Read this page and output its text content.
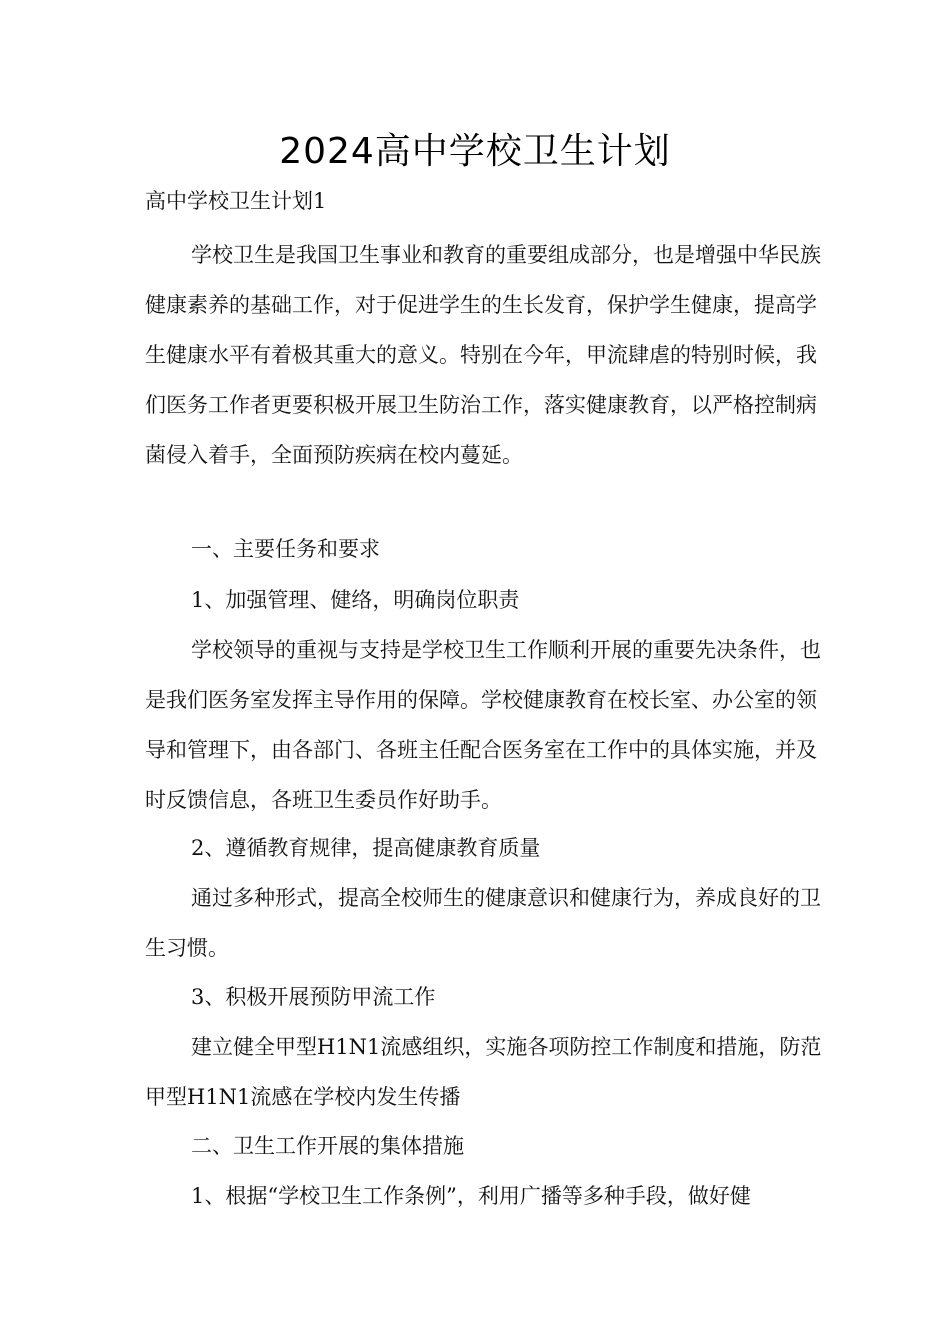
2024高中学校卫生计划
高中学校卫生计划1

学校卫生是我国卫生事业和教育的重要组成部分，也是增强中华民族健康素养的基础工作，对于促进学生的生长发育，保护学生健康，提高学生健康水平有着极其重大的意义。特别在今年，甲流肆虐的特别时候，我们医务工作者更要积极开展卫生防治工作，落实健康教育，以严格控制病菌侵入着手，全面预防疾病在校内蔓延。

一、主要任务和要求
1、加强管理、健络，明确岗位职责

学校领导的重视与支持是学校卫生工作顺利开展的重要先决条件，也是我们医务室发挥主导作用的保障。学校健康教育在校长室、办公室的领导和管理下，由各部门、各班主任配合医务室在工作中的具体实施，并及时反馈信息，各班卫生委员作好助手。

2、遵循教育规律，提高健康教育质量

通过多种形式，提高全校师生的健康意识和健康行为，养成良好的卫生习惯。

3、积极开展预防甲流工作

建立健全甲型H1N1流感组织，实施各项防控工作制度和措施，防范甲型H1N1流感在学校内发生传播

二、卫生工作开展的集体措施
1、根据“学校卫生工作条例”，利用广播等多种手段，做好健
